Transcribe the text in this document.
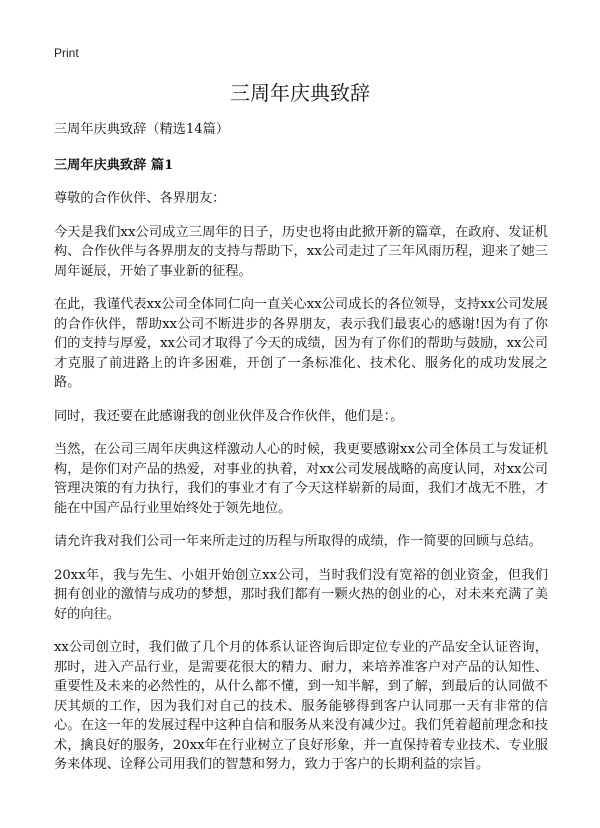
Print
三周年庆典致辞

三周年庆典致辞（精选14篇）

三周年庆典致辞 篇1

尊敬的合作伙伴、各界朋友：

今天是我们xx公司成立三周年的日子，历史也将由此掀开新的篇章，在政府、发证机构、合作伙伴与各界朋友的支持与帮助下，xx公司走过了三年风雨历程，迎来了她三周年诞辰，开始了事业新的征程。

在此，我谨代表xx公司全体同仁向一直关心xx公司成长的各位领导，支持xx公司发展的合作伙伴，帮助xx公司不断进步的各界朋友，表示我们最衷心的感谢!因为有了你们的支持与厚爱，xx公司才取得了今天的成绩，因为有了你们的帮助与鼓励，xx公司才克服了前进路上的许多困难，开创了一条标准化、技术化、服务化的成功发展之路。

同时，我还要在此感谢我的创业伙伴及合作伙伴，他们是：。

当然，在公司三周年庆典这样激动人心的时候，我更要感谢xx公司全体员工与发证机构，是你们对产品的热爱，对事业的执着，对xx公司发展战略的高度认同，对xx公司管理决策的有力执行，我们的事业才有了今天这样崭新的局面，我们才战无不胜，才能在中国产品行业里始终处于领先地位。

请允许我对我们公司一年来所走过的历程与所取得的成绩，作一简要的回顾与总结。

20xx年，我与先生、小姐开始创立xx公司，当时我们没有宽裕的创业资金，但我们拥有创业的激情与成功的梦想，那时我们都有一颗火热的创业的心，对未来充满了美好的向往。

xx公司创立时，我们做了几个月的体系认证咨询后即定位专业的产品安全认证咨询，那时，进入产品行业，是需要花很大的精力、耐力，来培养准客户对产品的认知性、重要性及未来的必然性的，从什么都不懂，到一知半解，到了解，到最后的认同做不厌其烦的工作，因为我们对自己的技术、服务能够得到客户认同那一天有非常的信心。在这一年的发展过程中这种自信和服务从来没有减少过。我们凭着超前理念和技术，擒良好的服务，20xx年在行业树立了良好形象，并一直保持着专业技术、专业服务来体现、诠释公司用我们的智慧和努力，致力于客户的长期利益的宗旨。
